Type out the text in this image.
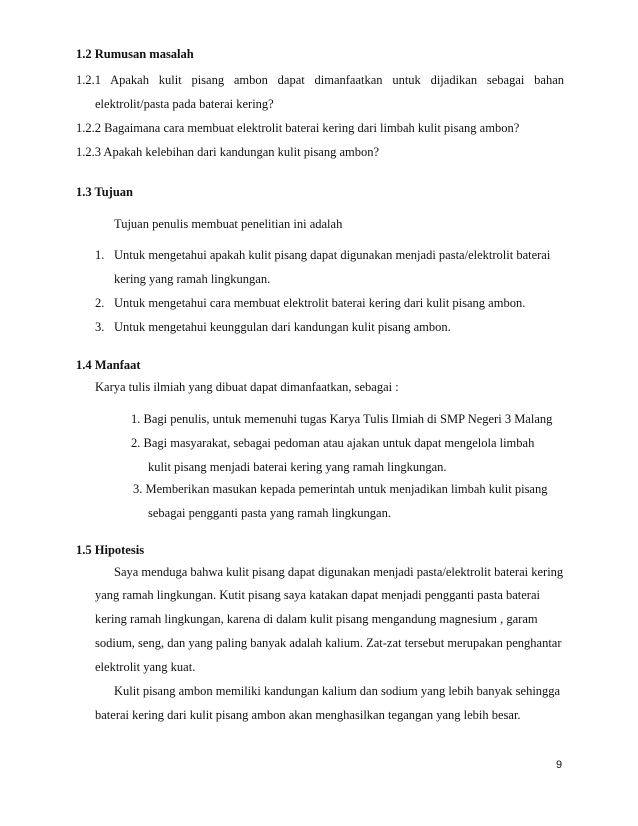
1.2 Rumusan masalah
1.2.1 Apakah kulit pisang ambon dapat dimanfaatkan untuk dijadikan sebagai bahan
elektrolit/pasta pada baterai kering?
1.2.2 Bagaimana cara membuat elektrolit baterai kering dari limbah kulit pisang ambon?
1.2.3 Apakah kelebihan dari kandungan kulit pisang ambon?
1.3 Tujuan
Tujuan penulis membuat penelitian ini adalah
1. Untuk mengetahui apakah kulit pisang dapat digunakan menjadi pasta/elektrolit baterai
kering yang ramah lingkungan.
2. Untuk mengetahui cara membuat elektrolit baterai kering dari kulit pisang ambon.
3. Untuk mengetahui keunggulan dari kandungan kulit pisang ambon.
1.4 Manfaat
Karya tulis ilmiah yang dibuat dapat dimanfaatkan, sebagai :
1. Bagi penulis, untuk memenuhi tugas Karya Tulis Ilmiah di SMP Negeri 3 Malang
2. Bagi masyarakat, sebagai pedoman atau ajakan untuk dapat mengelola limbah
kulit pisang menjadi baterai kering yang ramah lingkungan.
3. Memberikan masukan kepada pemerintah untuk menjadikan limbah kulit pisang
sebagai pengganti pasta yang ramah lingkungan.
1.5 Hipotesis
Saya menduga bahwa kulit pisang dapat digunakan menjadi pasta/elektrolit baterai kering
yang ramah lingkungan. Kutit pisang saya katakan dapat menjadi pengganti pasta baterai
kering ramah lingkungan, karena di dalam kulit pisang mengandung magnesium , garam
sodium, seng, dan yang paling banyak adalah kalium. Zat-zat tersebut merupakan penghantar
elektrolit yang kuat.
Kulit pisang ambon memiliki kandungan kalium dan sodium yang lebih banyak sehingga
baterai kering dari kulit pisang ambon akan menghasilkan tegangan yang lebih besar.
9
